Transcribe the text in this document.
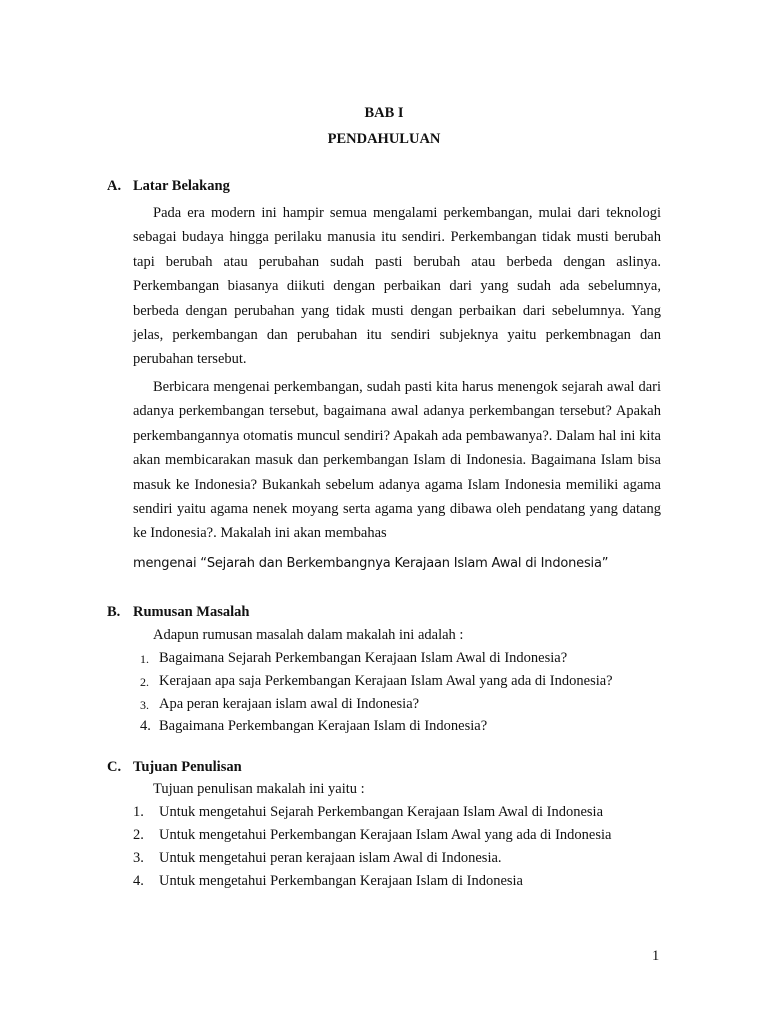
BAB I
PENDAHULUAN
A. Latar Belakang
Pada era modern ini hampir semua mengalami perkembangan, mulai dari teknologi sebagai budaya hingga perilaku manusia itu sendiri. Perkembangan tidak musti berubah tapi berubah atau perubahan sudah pasti berubah atau berbeda dengan aslinya. Perkembangan biasanya diikuti dengan perbaikan dari yang sudah ada sebelumnya, berbeda dengan perubahan yang tidak musti dengan perbaikan dari sebelumnya. Yang jelas, perkembangan dan perubahan itu sendiri subjeknya yaitu perkembnagan dan perubahan tersebut.
Berbicara mengenai perkembangan, sudah pasti kita harus menengok sejarah awal dari adanya perkembangan tersebut, bagaimana awal adanya perkembangan tersebut? Apakah perkembangannya otomatis muncul sendiri? Apakah ada pembawanya?. Dalam hal ini kita akan membicarakan masuk dan perkembangan Islam di Indonesia. Bagaimana Islam bisa masuk ke Indonesia? Bukankah sebelum adanya agama Islam Indonesia memiliki agama sendiri yaitu agama nenek moyang serta agama yang dibawa oleh pendatang yang datang ke Indonesia?. Makalah ini akan membahas
mengenai “Sejarah dan Berkembangnya Kerajaan Islam Awal di Indonesia”
B. Rumusan Masalah
Adapun rumusan masalah dalam makalah ini adalah :
1. Bagaimana Sejarah Perkembangan Kerajaan Islam Awal di Indonesia?
2. Kerajaan apa saja Perkembangan Kerajaan Islam Awal yang ada di Indonesia?
3. Apa peran kerajaan islam awal di Indonesia?
4. Bagaimana Perkembangan Kerajaan Islam di Indonesia?
C. Tujuan Penulisan
Tujuan penulisan makalah ini yaitu :
1.	Untuk mengetahui Sejarah Perkembangan Kerajaan Islam Awal di Indonesia
2.	Untuk mengetahui Perkembangan Kerajaan Islam Awal yang ada di Indonesia
3.	Untuk mengetahui peran kerajaan islam Awal di Indonesia.
4.	Untuk mengetahui Perkembangan Kerajaan Islam di Indonesia
1
